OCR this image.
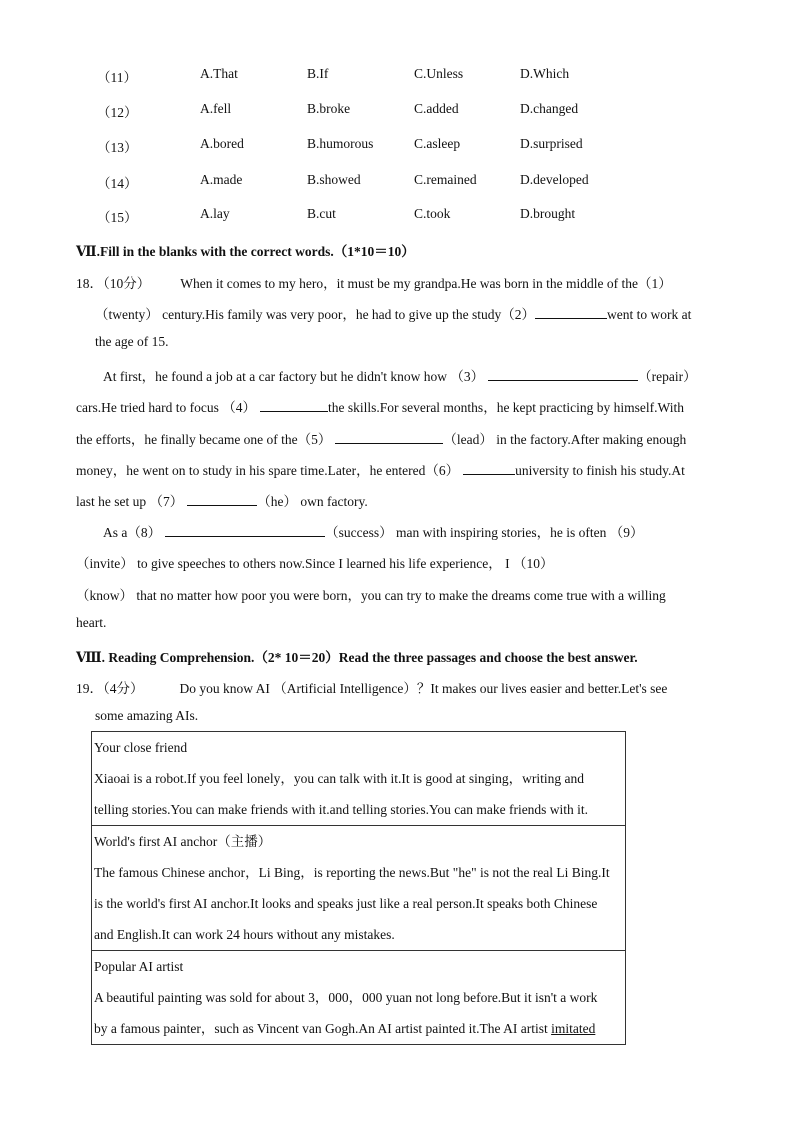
（11）	A.That	B.If	C.Unless	D.Which
（12）	A.fell	B.broke	C.added	D.changed
（13）	A.bored	B.humorous	C.asleep	D.surprised
（14）	A.made	B.showed	C.remained	D.developed
（15）	A.lay	B.cut	C.took	D.brought
Ⅶ.Fill in the blanks with the correct words.（1*10＝10）
18．（10分） When it comes to my hero，it must be my grandpa.He was born in the middle of the（1）
（twenty） century.His family was very poor，he had to give up the study（2）	went to work at
the age of 15.
At first，he found a job at a car factory but he didn't know how （3）	（repair）
cars.He tried hard to focus （4）	the skills.For several months，he kept practicing by himself.With
the efforts，he finally became one of the（5）	（lead） in the factory.After making enough
money，he went on to study in his spare time.Later，he entered（6）	university to finish his study.At
last he set up （7）	（he） own factory.
As a（8）	（success） man with inspiring stories，he is often （9）
（invite） to give speeches to others now.Since I learned his life experience， I （10）
（know） that no matter how poor you were born，you can try to make the dreams come true with a willing
heart.
Ⅷ. Reading Comprehension.（2* 10＝20）Read the three passages and choose the best answer.
19．（4分）	Do you know AI （Artificial Intelligence）？It makes our lives easier and better.Let's see
some amazing AIs.
Your close friend
Xiaoai is a robot.If you feel lonely，you can talk with it.It is good at singing，writing and
telling stories.You can make friends with it.and telling stories.You can make friends with it.

World's first AI anchor（主播）
The famous Chinese anchor，Li Bing，is reporting the news.But "he" is not the real Li Bing.It
is the world's first AI anchor.It looks and speaks just like a real person.It speaks both Chinese
and English.It can work 24 hours without any mistakes.

Popular AI artist
A beautiful painting was sold for about 3，000，000 yuan not long before.But it isn't a work
by a famous painter，such as Vincent van Gogh.An AI artist painted it.The AI artist imitated
